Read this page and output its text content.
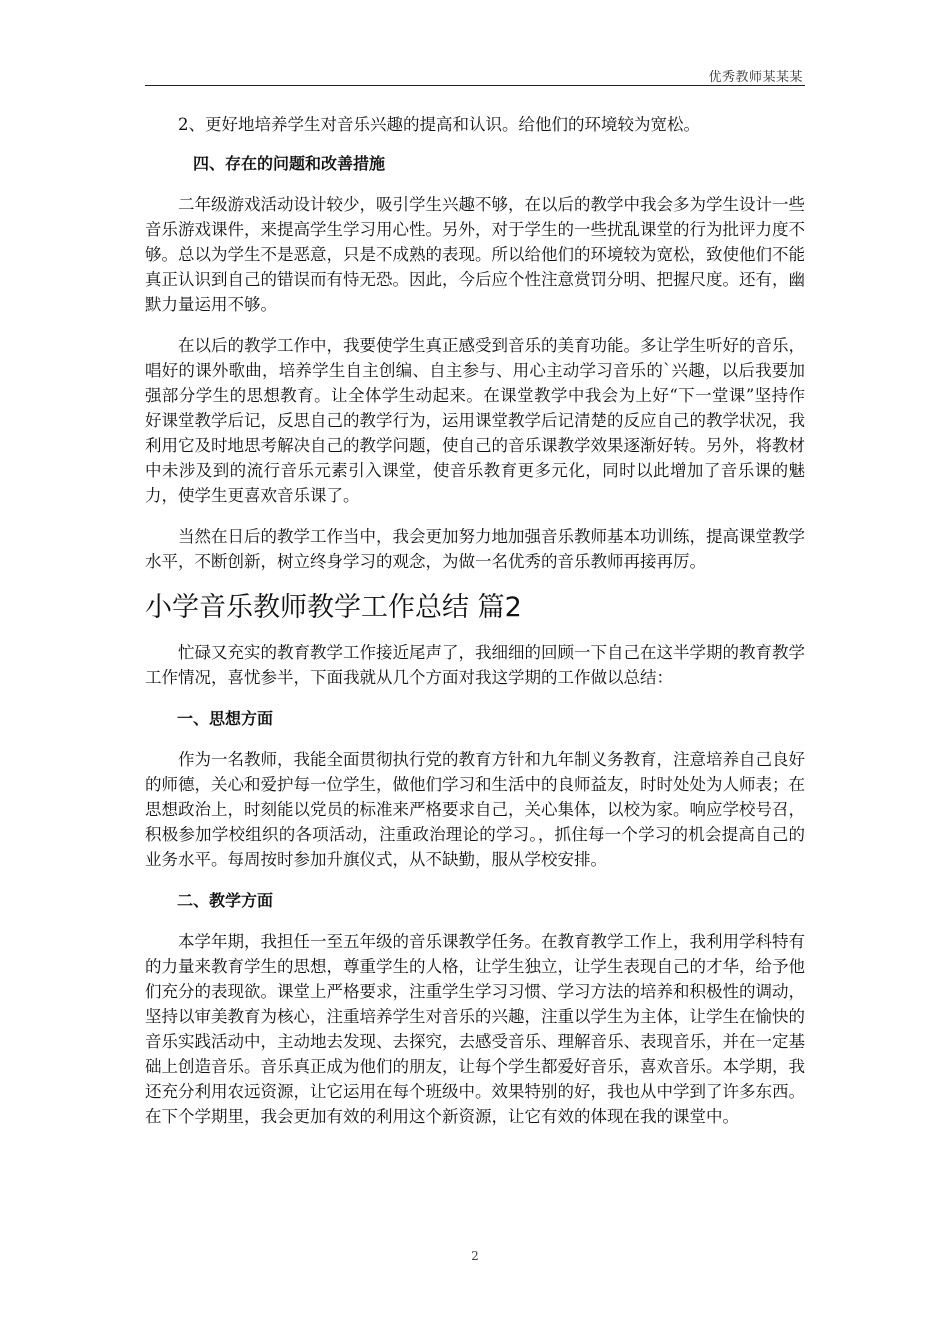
优秀教师某某某

2、更好地培养学生对音乐兴趣的提高和认识。给他们的环境较为宽松。

四、存在的问题和改善措施

二年级游戏活动设计较少，吸引学生兴趣不够，在以后的教学中我会多为学生设计一些音乐游戏课件，来提高学生学习用心性。另外，对于学生的一些扰乱课堂的行为批评力度不够。总以为学生不是恶意，只是不成熟的表现。所以给他们的环境较为宽松，致使他们不能真正认识到自己的错误而有恃无恐。因此，今后应个性注意赏罚分明、把握尺度。还有，幽默力量运用不够。

在以后的教学工作中，我要使学生真正感受到音乐的美育功能。多让学生听好的音乐，唱好的课外歌曲，培养学生自主创编、自主参与、用心主动学习音乐的`兴趣，以后我要加强部分学生的思想教育。让全体学生动起来。在课堂教学中我会为上好“下一堂课”坚持作好课堂教学后记，反思自己的教学行为，运用课堂教学后记清楚的反应自己的教学状况，我利用它及时地思考解决自己的教学问题，使自己的音乐课教学效果逐渐好转。另外，将教材中未涉及到的流行音乐元素引入课堂，使音乐教育更多元化，同时以此增加了音乐课的魅力，使学生更喜欢音乐课了。

当然在日后的教学工作当中，我会更加努力地加强音乐教师基本功训练，提高课堂教学水平，不断创新，树立终身学习的观念，为做一名优秀的音乐教师再接再厉。

小学音乐教师教学工作总结 篇2

忙碌又充实的教育教学工作接近尾声了，我细细的回顾一下自己在这半学期的教育教学工作情况，喜忧参半，下面我就从几个方面对我这学期的工作做以总结：

一、思想方面

作为一名教师，我能全面贯彻执行党的教育方针和九年制义务教育，注意培养自己良好的师德，关心和爱护每一位学生，做他们学习和生活中的良师益友，时时处处为人师表；在思想政治上，时刻能以党员的标准来严格要求自己，关心集体，以校为家。响应学校号召，积极参加学校组织的各项活动，注重政治理论的学习。，抓住每一个学习的机会提高自己的业务水平。每周按时参加升旗仪式，从不缺勤，服从学校安排。

二、教学方面

本学年期，我担任一至五年级的音乐课教学任务。在教育教学工作上，我利用学科特有的力量来教育学生的思想，尊重学生的人格，让学生独立，让学生表现自己的才华，给予他们充分的表现欲。课堂上严格要求，注重学生学习习惯、学习方法的培养和积极性的调动，坚持以审美教育为核心，注重培养学生对音乐的兴趣，注重以学生为主体，让学生在愉快的音乐实践活动中，主动地去发现、去探究，去感受音乐、理解音乐、表现音乐，并在一定基础上创造音乐。音乐真正成为他们的朋友，让每个学生都爱好音乐，喜欢音乐。本学期，我还充分利用农远资源，让它运用在每个班级中。效果特别的好，我也从中学到了许多东西。在下个学期里，我会更加有效的利用这个新资源，让它有效的体现在我的课堂中。

2
